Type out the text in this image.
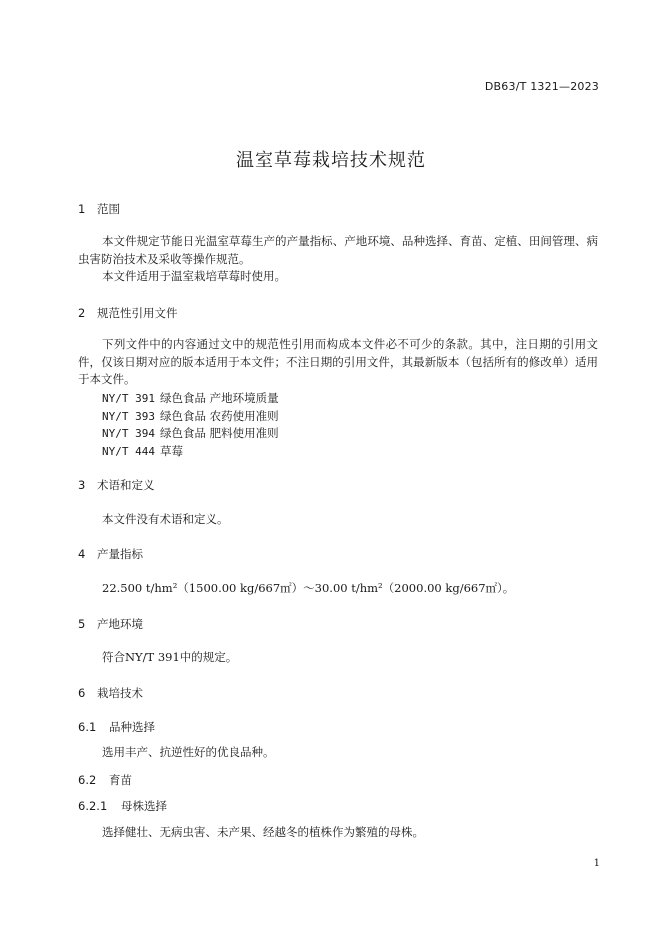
DB63/T 1321—2023
温室草莓栽培技术规范
1 范围
本文件规定节能日光温室草莓生产的产量指标、产地环境、品种选择、育苗、定植、田间管理、病虫害防治技术及采收等操作规范。
本文件适用于温室栽培草莓时使用。
2 规范性引用文件
下列文件中的内容通过文中的规范性引用而构成本文件必不可少的条款。其中，注日期的引用文件，仅该日期对应的版本适用于本文件；不注日期的引用文件，其最新版本（包括所有的修改单）适用于本文件。
NY/T 391 绿色食品 产地环境质量
NY/T 393 绿色食品 农药使用准则
NY/T 394 绿色食品 肥料使用准则
NY/T 444 草莓
3 术语和定义
本文件没有术语和定义。
4 产量指标
22.500 t/hm²（1500.00 kg/667㎡）～30.00 t/hm²（2000.00 kg/667㎡）。
5 产地环境
符合NY/T 391中的规定。
6 栽培技术
6.1 品种选择
选用丰产、抗逆性好的优良品种。
6.2 育苗
6.2.1 母株选择
选择健壮、无病虫害、未产果、经越冬的植株作为繁殖的母株。
1
